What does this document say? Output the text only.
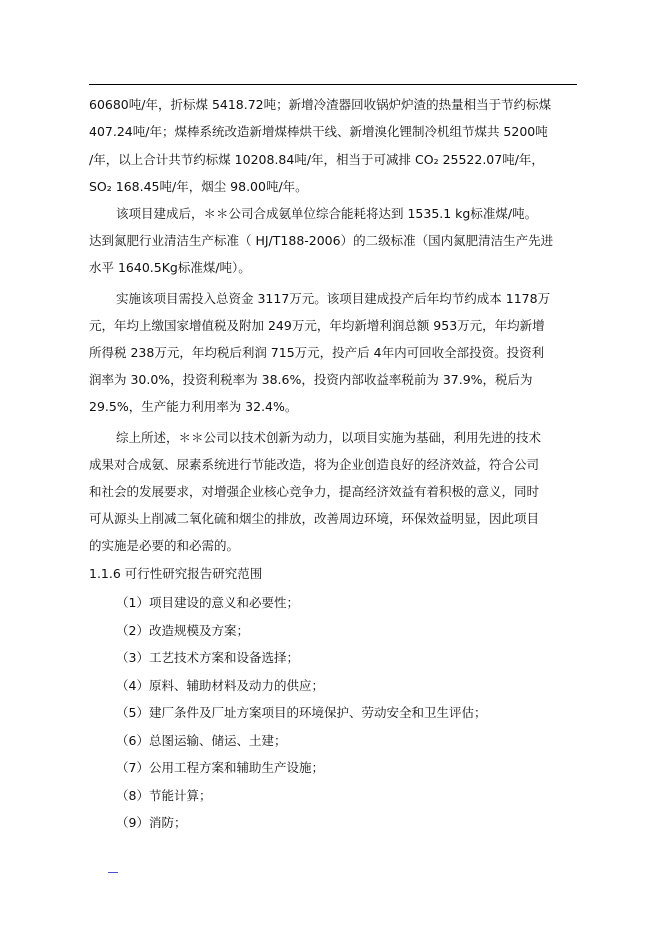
60680吨/年，折标煤 5418.72吨；新增冷渣器回收锅炉炉渣的热量相当于节约标煤
407.24吨/年；煤棒系统改造新增煤棒烘干线、新增溴化锂制冷机组节煤共 5200吨
/年，以上合计共节约标煤 10208.84吨/年，相当于可减排 CO₂ 25522.07吨/年，
SO₂ 168.45吨/年，烟尘 98.00吨/年。
该项目建成后，＊＊公司合成氨单位综合能耗将达到 1535.1 kg标准煤/吨。
达到氮肥行业清洁生产标准（ HJ/T188-2006）的二级标准（国内氮肥清洁生产先进
水平 1640.5Kg标准煤/吨）。
实施该项目需投入总资金 3117万元。该项目建成投产后年均节约成本 1178万
元，年均上缴国家增值税及附加 249万元，年均新增利润总额 953万元，年均新增
所得税 238万元，年均税后利润 715万元，投产后 4年内可回收全部投资。投资利
润率为 30.0%，投资利税率为 38.6%，投资内部收益率税前为 37.9%，税后为
29.5%，生产能力利用率为 32.4%。
综上所述，＊＊公司以技术创新为动力，以项目实施为基础，利用先进的技术
成果对合成氨、尿素系统进行节能改造，将为企业创造良好的经济效益，符合公司
和社会的发展要求，对增强企业核心竞争力，提高经济效益有着积极的意义，同时
可从源头上削减二氧化硫和烟尘的排放，改善周边环境，环保效益明显，因此项目
的实施是必要的和必需的。
1.1.6 可行性研究报告研究范围
（1）项目建设的意义和必要性；
（2）改造规模及方案；
（3）工艺技术方案和设备选择；
（4）原料、辅助材料及动力的供应；
（5）建厂条件及厂址方案项目的环境保护、劳动安全和卫生评估；
（6）总图运输、储运、土建；
（7）公用工程方案和辅助生产设施；
（8）节能计算；
（9）消防；
